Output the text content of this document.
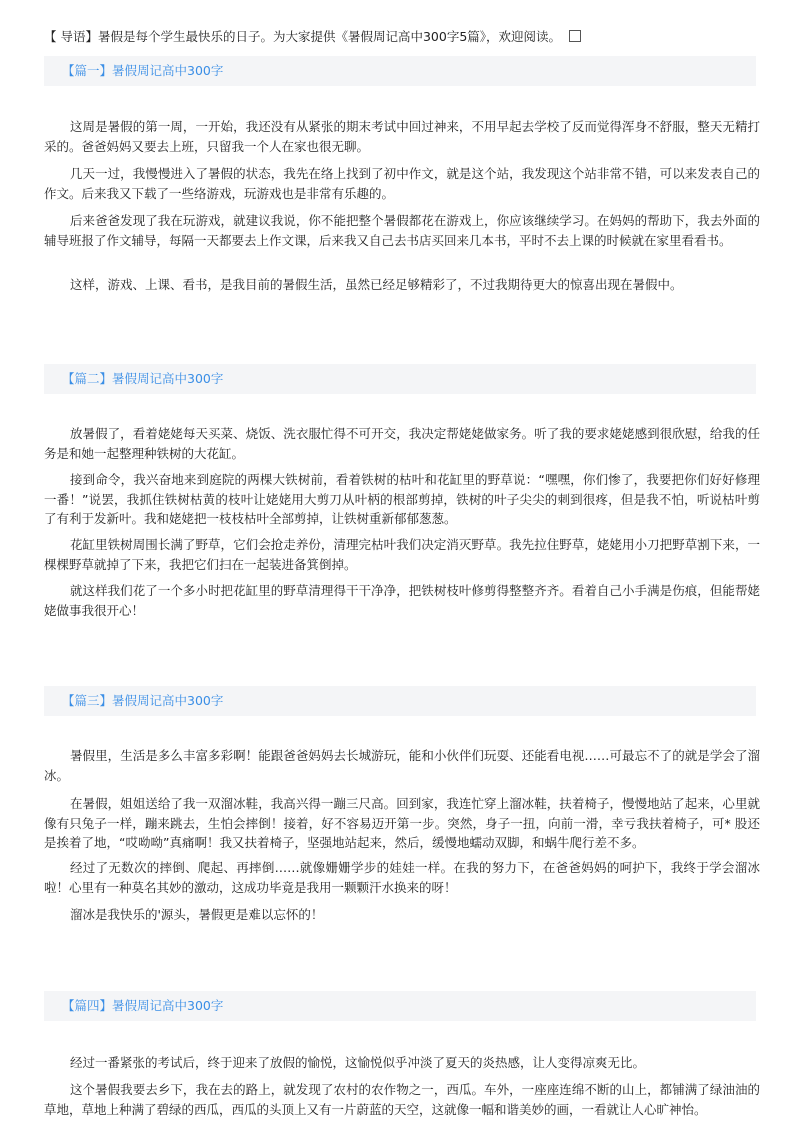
【 导语】暑假是每个学生最快乐的日子。为大家提供《暑假周记高中300字5篇》，欢迎阅读。
【篇一】暑假周记高中300字
这周是暑假的第一周，一开始，我还没有从紧张的期末考试中回过神来，不用早起去学校了反而觉得浑身不舒服，整天无精打采的。爸爸妈妈又要去上班，只留我一个人在家也很无聊。
几天一过，我慢慢进入了暑假的状态，我先在络上找到了初中作文，就是这个站，我发现这个站非常不错，可以来发表自己的作文。后来我又下载了一些络游戏，玩游戏也是非常有乐趣的。
后来爸爸发现了我在玩游戏，就建议我说，你不能把整个暑假都花在游戏上，你应该继续学习。在妈妈的帮助下，我去外面的辅导班报了作文辅导，每隔一天都要去上作文课，后来我又自己去书店买回来几本书，平时不去上课的时候就在家里看看书。
这样，游戏、上课、看书，是我目前的暑假生活，虽然已经足够精彩了，不过我期待更大的惊喜出现在暑假中。
【篇二】暑假周记高中300字
放暑假了，看着姥姥每天买菜、烧饭、洗衣服忙得不可开交，我决定帮姥姥做家务。听了我的要求姥姥感到很欣慰，给我的任务是和她一起整理种铁树的大花缸。
接到命令，我兴奋地来到庭院的两棵大铁树前，看着铁树的枯叶和花缸里的野草说：“嘿嘿，你们惨了，我要把你们好好修理一番！”说罢，我抓住铁树枯黄的枝叶让姥姥用大剪刀从叶柄的根部剪掉，铁树的叶子尖尖的刺到很疼，但是我不怕，听说枯叶剪了有利于发新叶。我和姥姥把一枝枝枯叶全部剪掉，让铁树重新郁郁葱葱。
花缸里铁树周围长满了野草，它们会抢走养份，清理完枯叶我们决定消灭野草。我先拉住野草，姥姥用小刀把野草割下来，一棵棵野草就掉了下来，我把它们扫在一起装进备箕倒掉。
就这样我们花了一个多小时把花缸里的野草清理得干干净净，把铁树枝叶修剪得整整齐齐。看着自己小手满是伤痕，但能帮姥姥做事我很开心！
【篇三】暑假周记高中300字
暑假里，生活是多么丰富多彩啊！能跟爸爸妈妈去长城游玩，能和小伙伴们玩耍、还能看电视……可最忘不了的就是学会了溜冰。
在暑假，姐姐送给了我一双溜冰鞋，我高兴得一蹦三尺高。回到家，我连忙穿上溜冰鞋，扶着椅子，慢慢地站了起来，心里就像有只兔子一样，蹦来跳去，生怕会摔倒！接着，好不容易迈开第一步。突然，身子一扭，向前一滑，幸亏我扶着椅子，可* 股还是挨着了地，“哎呦呦”真痛啊！我又扶着椅子，坚强地站起来，然后，缓慢地蠕动双脚，和蜗牛爬行差不多。
经过了无数次的摔倒、爬起、再摔倒……就像姗姗学步的娃娃一样。在我的努力下，在爸爸妈妈的呵护下，我终于学会溜冰啦！心里有一种莫名其妙的激动，这成功毕竟是我用一颗颗汗水换来的呀！
溜冰是我快乐的'源头，暑假更是难以忘怀的！
【篇四】暑假周记高中300字
经过一番紧张的考试后，终于迎来了放假的愉悦，这愉悦似乎冲淡了夏天的炎热感，让人变得凉爽无比。
这个暑假我要去乡下，我在去的路上，就发现了农村的农作物之一，西瓜。车外，一座座连绵不断的山上，都铺满了绿油油的草地，草地上种满了碧绿的西瓜，西瓜的头顶上又有一片蔚蓝的天空，这就像一幅和谐美妙的画，一看就让人心旷神怡。
